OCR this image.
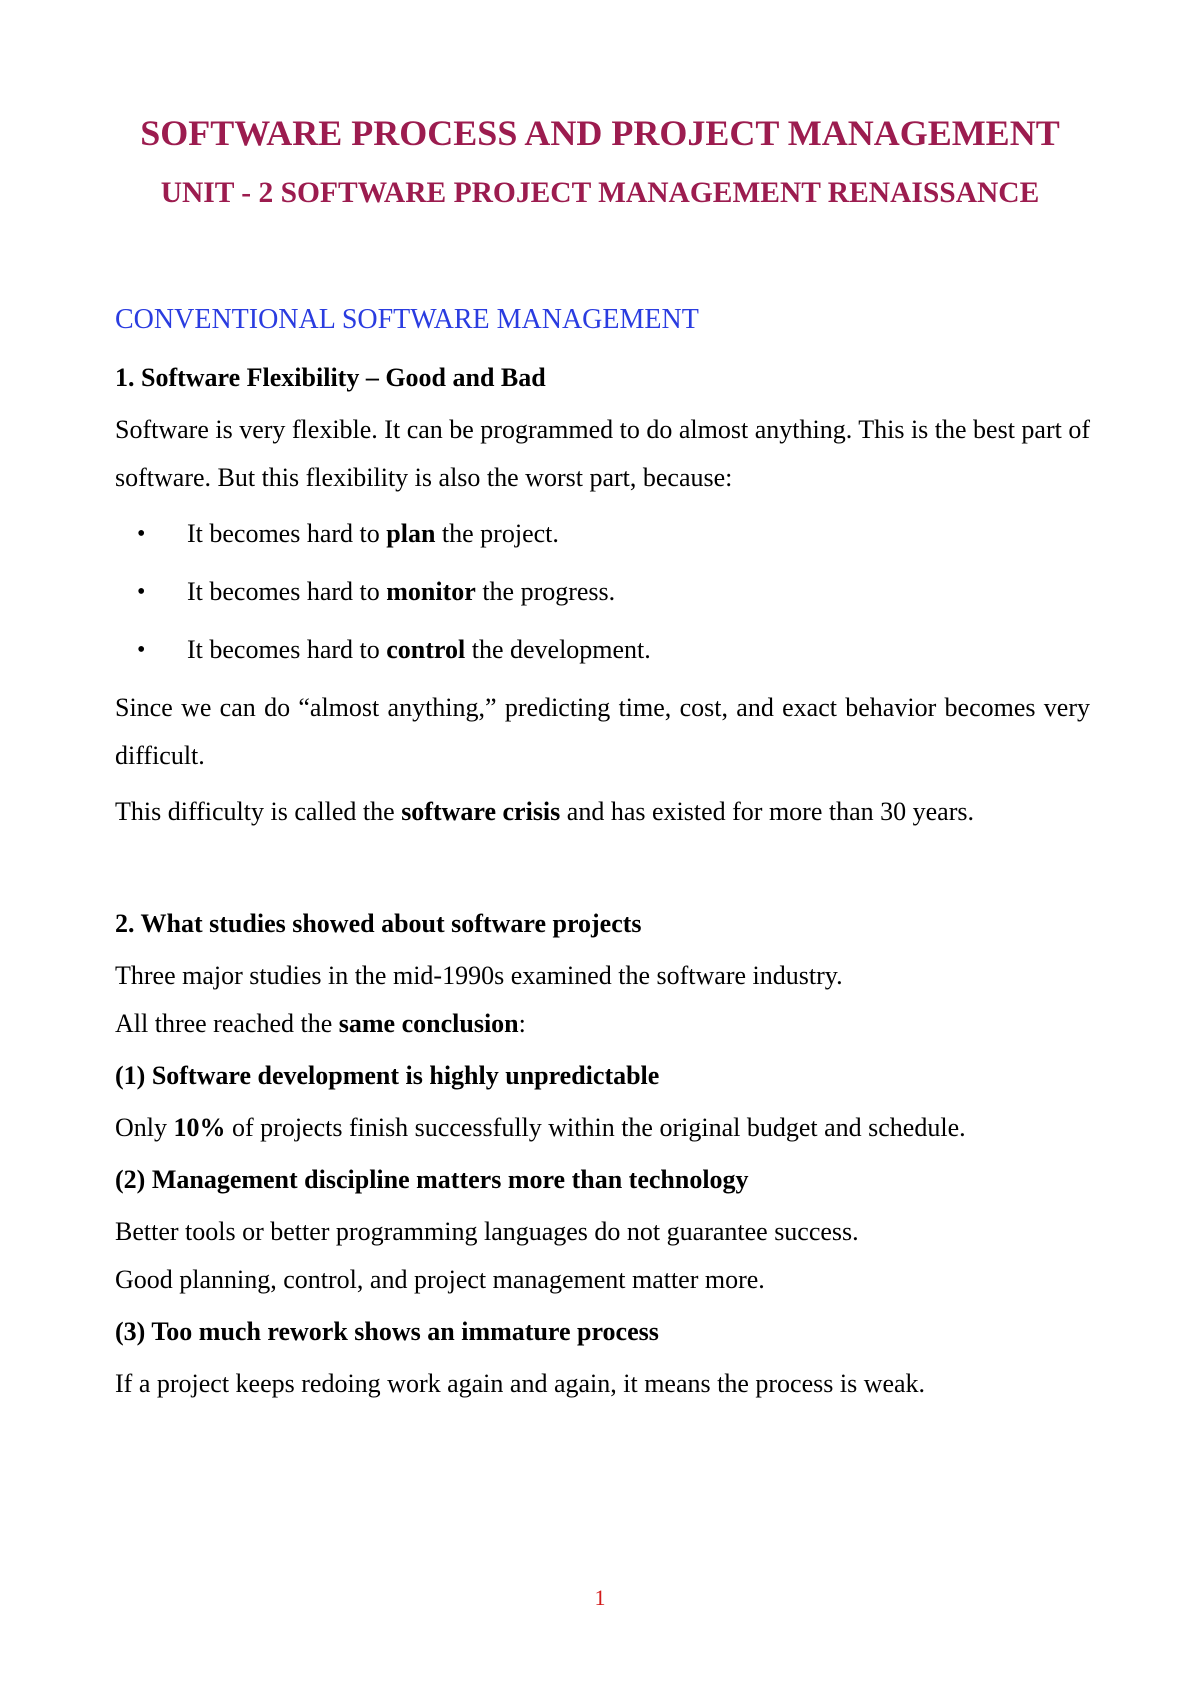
SOFTWARE PROCESS AND PROJECT MANAGEMENT
UNIT - 2 SOFTWARE PROJECT MANAGEMENT RENAISSANCE
CONVENTIONAL SOFTWARE MANAGEMENT
1. Software Flexibility – Good and Bad

Software is very flexible. It can be programmed to do almost anything. This is the best part of software. But this flexibility is also the worst part, because:

• It becomes hard to plan the project.
• It becomes hard to monitor the progress.
• It becomes hard to control the development.

Since we can do “almost anything,” predicting time, cost, and exact behavior becomes very difficult.

This difficulty is called the software crisis and has existed for more than 30 years.

2. What studies showed about software projects

Three major studies in the mid-1990s examined the software industry.

All three reached the same conclusion:

(1) Software development is highly unpredictable

Only 10% of projects finish successfully within the original budget and schedule.

(2) Management discipline matters more than technology

Better tools or better programming languages do not guarantee success.

Good planning, control, and project management matter more.

(3) Too much rework shows an immature process

If a project keeps redoing work again and again, it means the process is weak.

1
